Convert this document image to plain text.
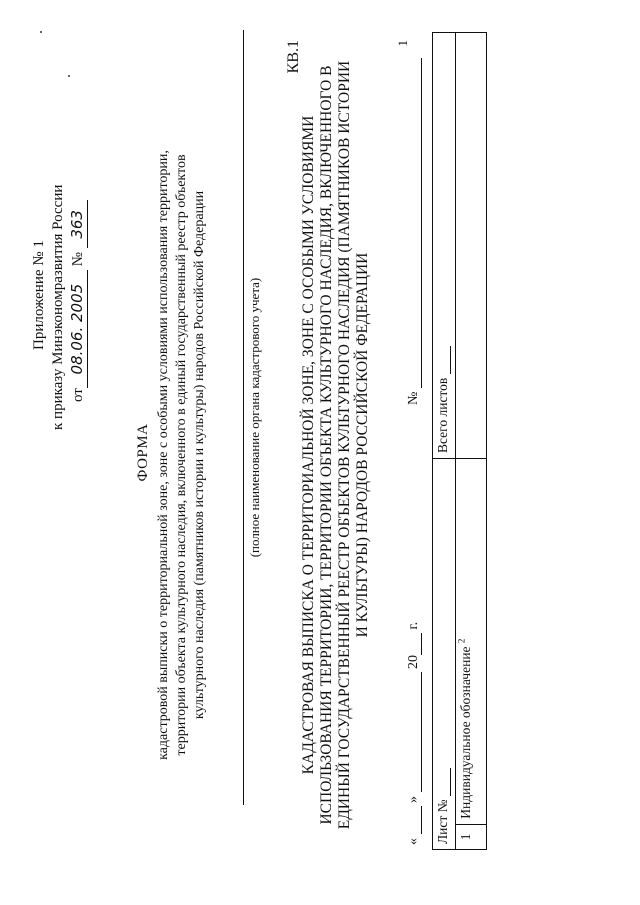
Приложение № 1 к приказу Минэкономразвития России от08.06. 2005 № 363
ФОРМА кадастровой выписки о территориальной зоне, зоне с особыми условиями использования территории, территории объекта культурного наследия, включенного в единый государственный реестр объектов культурного наследия (памятников истории и культуры) народов Российской Федерации	(полное наименование органа кадастрового учета)
КВ.1
КАДАСТРОВАЯ ВЫПИСКА О ТЕРРИТОРИАЛЬНОЙ ЗОНЕ, ЗОНЕ С ОСОБЫМИ УСЛОВИЯМИ ИСПОЛЬЗОВАНИЯ ТЕРРИТОРИИ, ТЕРРИТОРИИ ОБЪЕКТА КУЛЬТУРНОГО НАСЛЕДИЯ, ВКЛЮЧЕННОГО В ЕДИНЫЙ ГОСУДАРСТВЕННЫЙ РЕЕСТР ОБЪЕКТОВ КУЛЬТУРНОГО НАСЛЕДИЯ (ПАМЯТНИКОВ ИСТОРИИ И КУЛЬТУРЫ) НАРОДОВ РОССИЙСКОЙ ФЕДЕРАЦИИ
«  »  20 г.
№
1
Лист №		Всего листов
1	Индивидуальное обозначение $^2$	
